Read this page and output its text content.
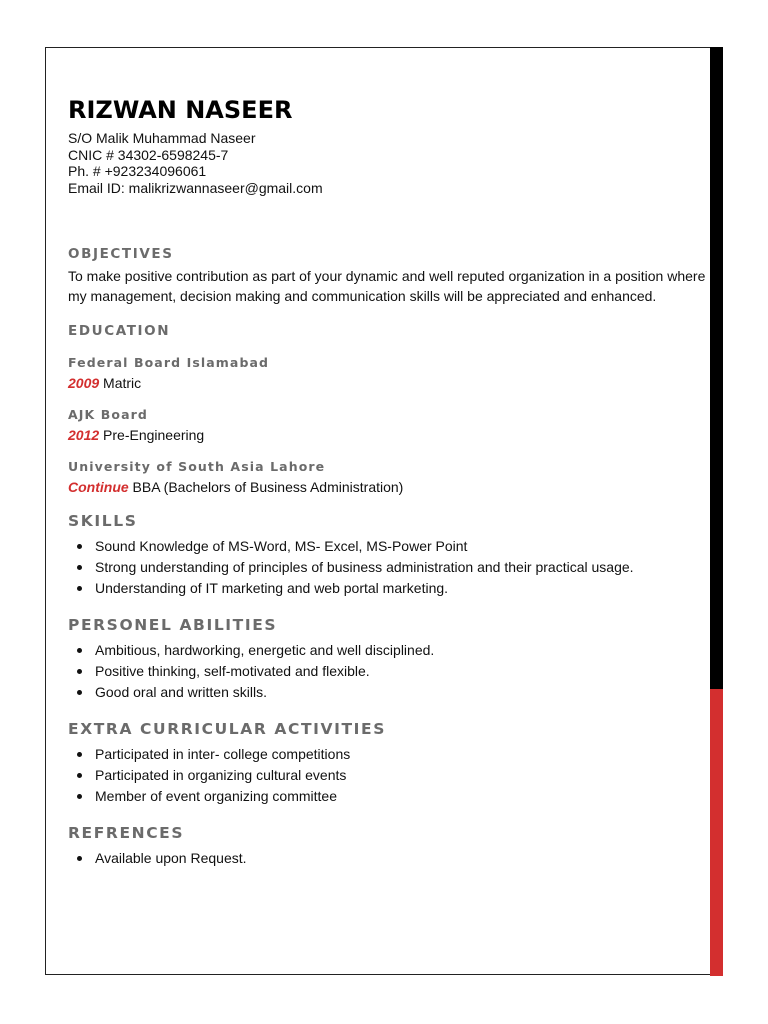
RIZWAN NASEER

S/O Malik Muhammad Naseer

CNIC # 34302-6598245-7

Ph. # +923234096061

Email ID: malikrizwannaseer@gmail.com

OBJECTIVES

To make positive contribution as part of your dynamic and well reputed organization in a position where my management, decision making and communication skills will be appreciated and enhanced.

EDUCATION

Federal Board Islamabad

2009 Matric

AJK Board

2012 Pre-Engineering

University of South Asia Lahore

Continue BBA (Bachelors of Business Administration)

SKILLS
Sound Knowledge of MS-Word, MS- Excel, MS-Power Point
Strong understanding of principles of business administration and their practical usage.
Understanding of IT marketing and web portal marketing.
PERSONEL ABILITIES
Ambitious, hardworking, energetic and well disciplined.
Positive thinking, self-motivated and flexible.
Good oral and written skills.
EXTRA CURRICULAR ACTIVITIES
Participated in inter- college competitions
Participated in organizing cultural events
Member of event organizing committee
REFRENCES
Available upon Request.
